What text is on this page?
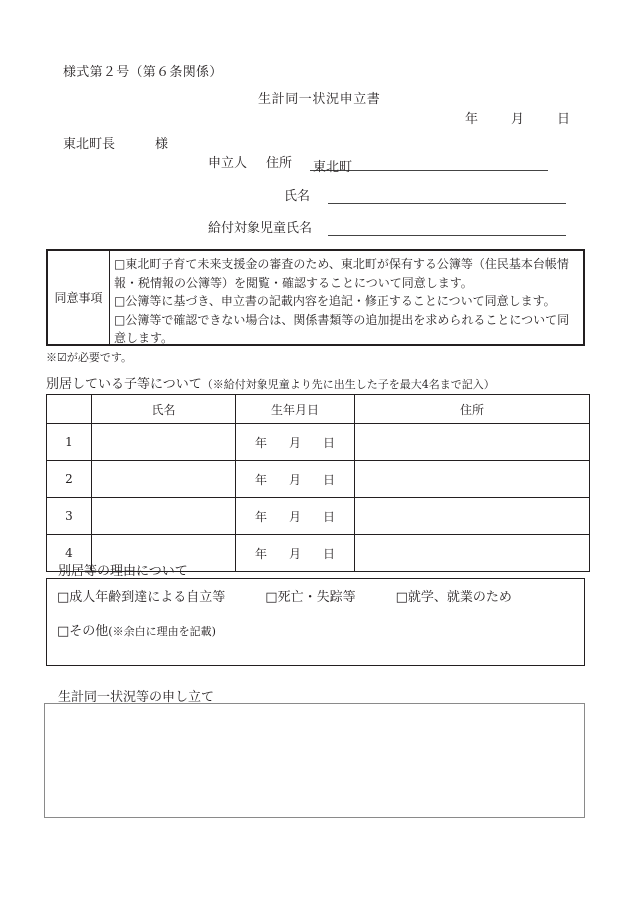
様式第２号（第６条関係）
生計同一状況申立書
年	月	日
東北町長	様
申立人	住所	東北町
氏名
給付対象児童氏名
同意事項
□東北町子育て未来支援金の審査のため、東北町が保有する公簿等（住民基本台帳情報・税情報の公簿等）を閲覧・確認することについて同意します。
□公簿等に基づき、申立書の記載内容を追記・修正することについて同意します。
□公簿等で確認できない場合は、関係書類等の追加提出を求められることについて同意します。
※☑が必要です。
別居している子等について（※給付対象児童より先に出生した子を最大4名まで記入）
	氏名	生年月日	住所
1		年 月 日	

2		年 月 日	

3		年 月 日	

4		年 月 日	

別居等の理由について
□成人年齢到達による自立等	□死亡・失踪等	□就学、就業のため
□その他(※余白に理由を記載)
生計同一状況等の申し立て
